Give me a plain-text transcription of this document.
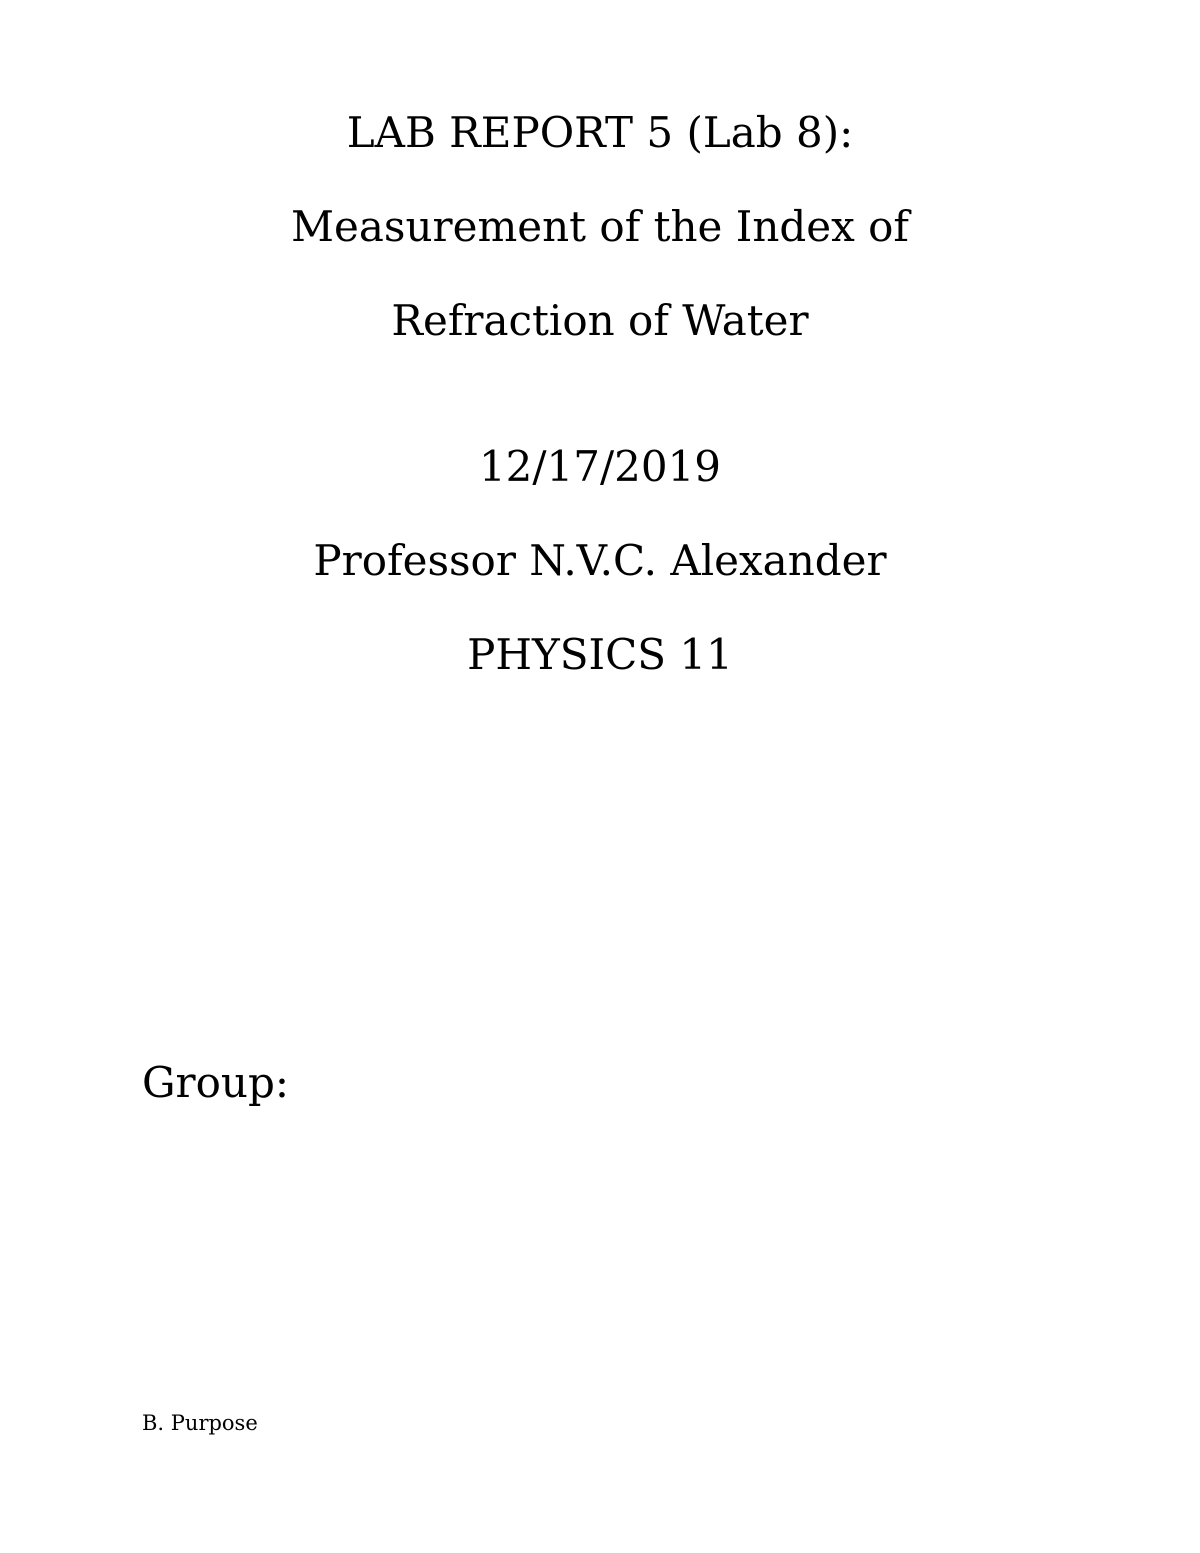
LAB REPORT 5 (Lab 8):
Measurement of the Index of
Refraction of Water
12/17/2019
Professor N.V.C. Alexander
PHYSICS 11
Group:
B. Purpose
